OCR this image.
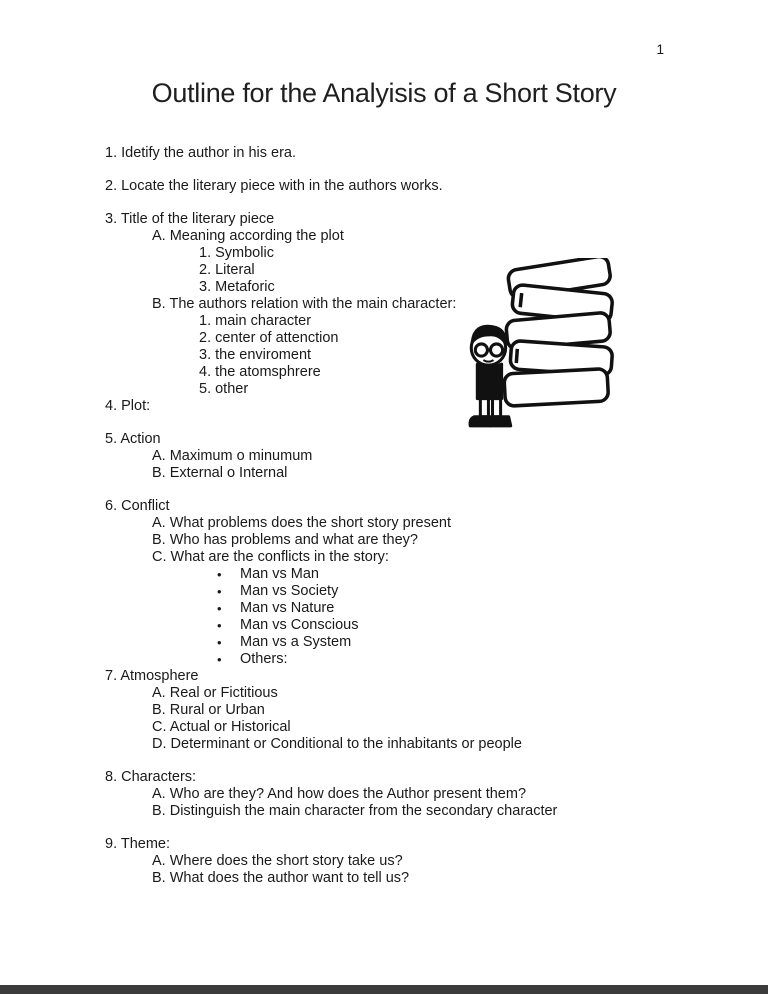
1
Outline for the Analyisis of a Short Story
1. Idetify the author in his era.
2. Locate the literary piece with in the authors works.
3. Title of the literary piece
A. Meaning according the plot
1. Symbolic
2. Literal
3. Metaforic
B. The authors relation with the main character:
1. main character
2. center of attenction
3. the enviroment
4. the atomsphrere
5. other
4. Plot:
5. Action
A. Maximum o minumum
B. External o Internal
6. Conflict
A. What problems does the short story present
B. Who has problems and what are they?
C. What are the conflicts in the story:
•	Man vs Man
•	Man vs Society
•	Man vs Nature
•	Man vs Conscious
•	Man vs a System
•	Others:
7. Atmosphere
A. Real or Fictitious
B. Rural or Urban
C. Actual or Historical
D. Determinant or Conditional to the inhabitants or people
8. Characters:
A. Who are they? And how does the Author present them?
B. Distinguish the main character from the secondary character
9. Theme:
A. Where does the short story take us?
B. What does the author want to tell us?
